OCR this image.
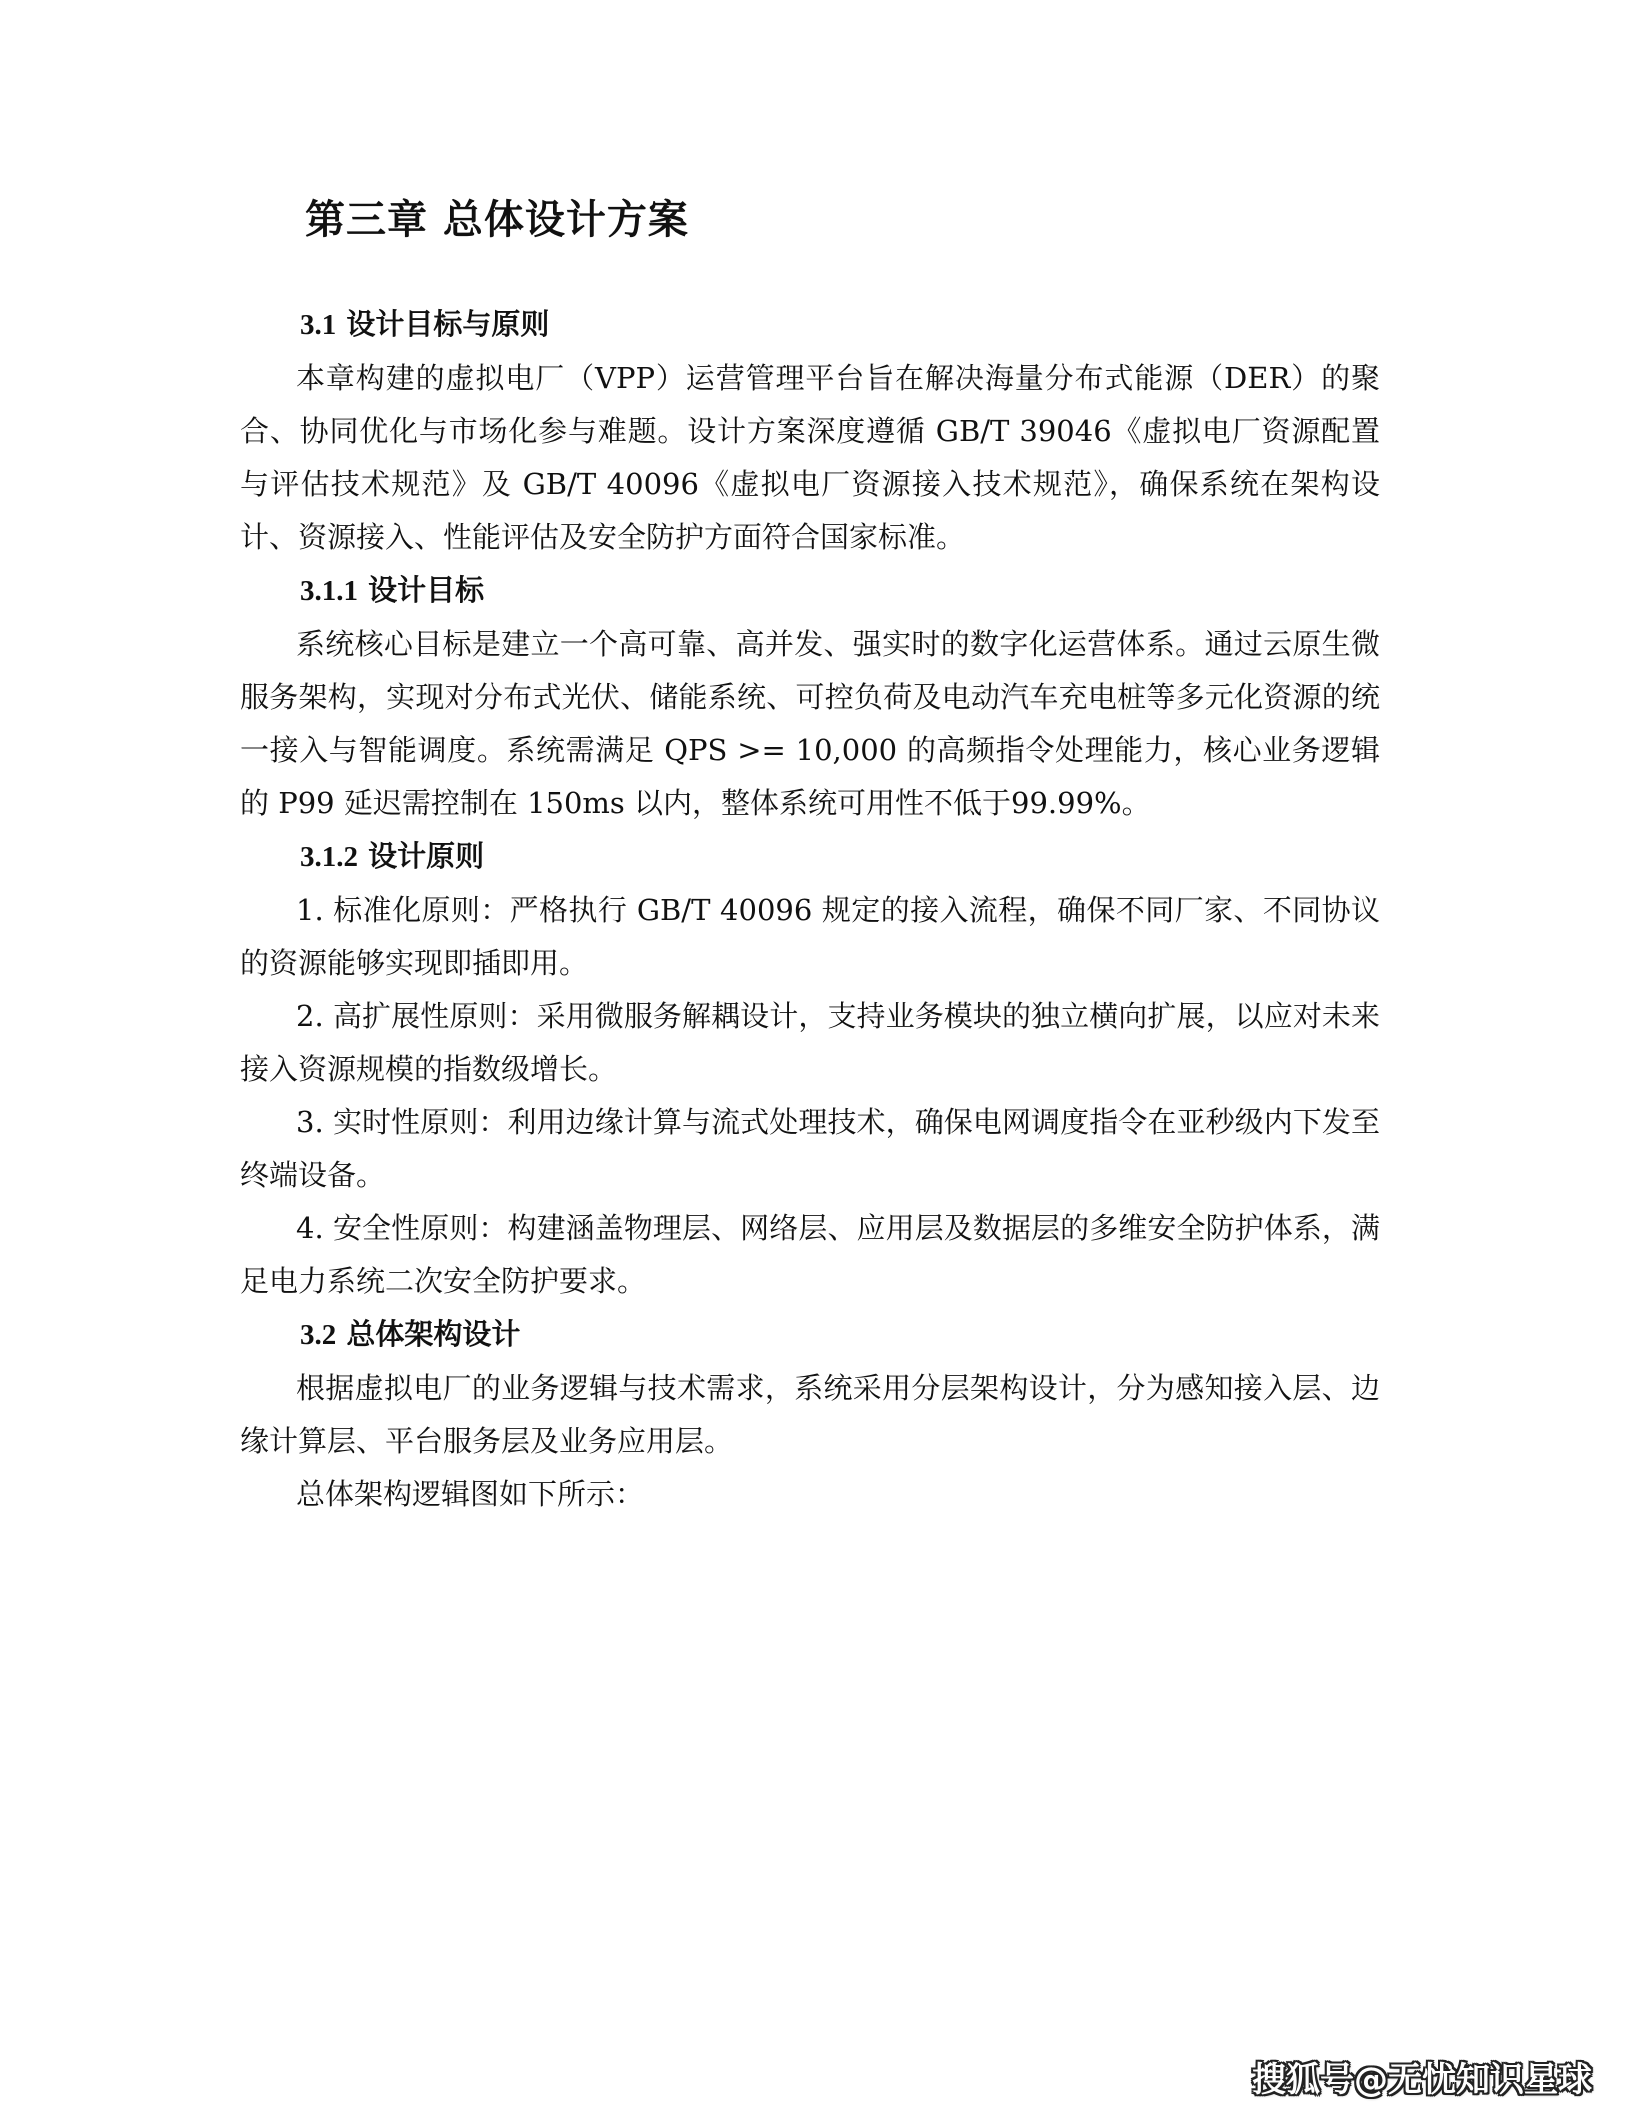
第三章 总体设计方案

3.1 设计目标与原则

本章构建的虚拟电厂（VPP）运营管理平台旨在解决海量分布式能源（DER）的聚合、协同优化与市场化参与难题。设计方案深度遵循 GB/T 39046《虚拟电厂资源配置与评估技术规范》及 GB/T 40096《虚拟电厂资源接入技术规范》，确保系统在架构设计、资源接入、性能评估及安全防护方面符合国家标准。

3.1.1 设计目标

系统核心目标是建立一个高可靠、高并发、强实时的数字化运营体系。通过云原生微服务架构，实现对分布式光伏、储能系统、可控负荷及电动汽车充电桩等多元化资源的统一接入与智能调度。系统需满足 QPS >= 10,000 的高频指令处理能力，核心业务逻辑的 P99 延迟需控制在 150ms 以内，整体系统可用性不低于99.99%。

3.1.2 设计原则

1. 标准化原则：严格执行 GB/T 40096 规定的接入流程，确保不同厂家、不同协议的资源能够实现即插即用。

2. 高扩展性原则：采用微服务解耦设计，支持业务模块的独立横向扩展，以应对未来接入资源规模的指数级增长。

3. 实时性原则：利用边缘计算与流式处理技术，确保电网调度指令在亚秒级内下发至终端设备。

4. 安全性原则：构建涵盖物理层、网络层、应用层及数据层的多维安全防护体系，满足电力系统二次安全防护要求。

3.2 总体架构设计

根据虚拟电厂的业务逻辑与技术需求，系统采用分层架构设计，分为感知接入层、边缘计算层、平台服务层及业务应用层。

总体架构逻辑图如下所示：

搜狐号@无忧知识星球
